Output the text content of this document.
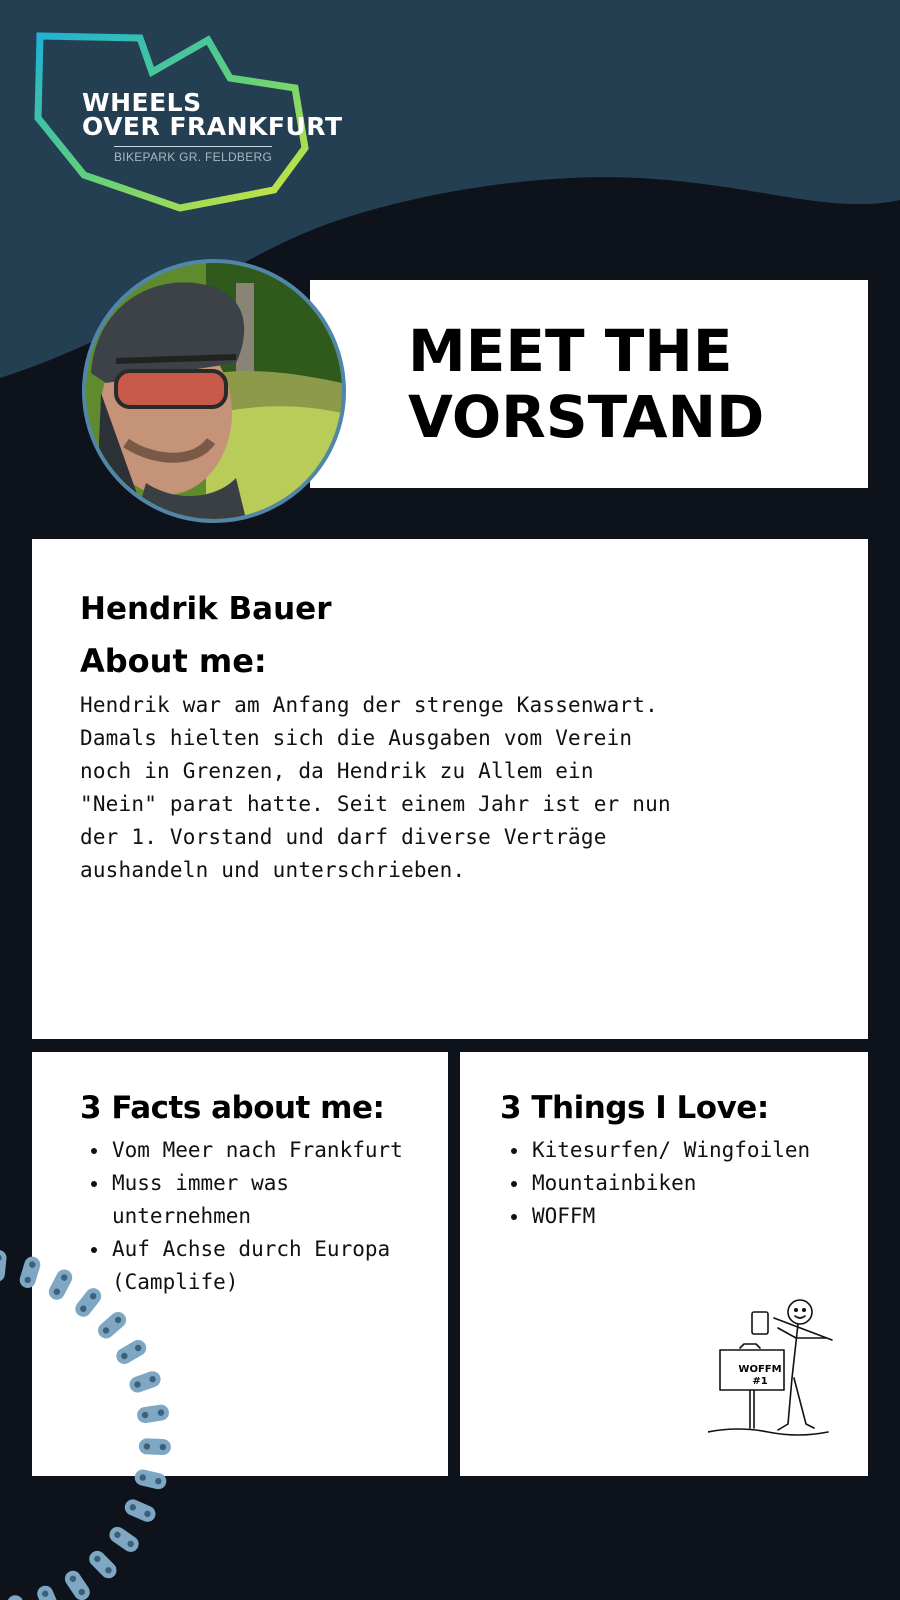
WHEELS
OVER FRANKFURT
BIKEPARK GR. FELDBERG
MEET THE
VORSTAND
Hendrik Bauer
About me:

Hendrik war am Anfang der strenge Kassenwart.
Damals hielten sich die Ausgaben vom Verein
noch in Grenzen, da Hendrik zu Allem ein
"Nein" parat hatte. Seit einem Jahr ist er nun
der 1. Vorstand und darf diverse Verträge
aushandeln und unterschrieben.

3 Facts about me:
• Vom Meer nach Frankfurt
• Muss immer was unternehmen
• Auf Achse durch Europa (Camplife)
3 Things I Love:
• Kitesurfen/ Wingfoilen
• Mountainbiken
• WOFFM
WOFFM
#1
